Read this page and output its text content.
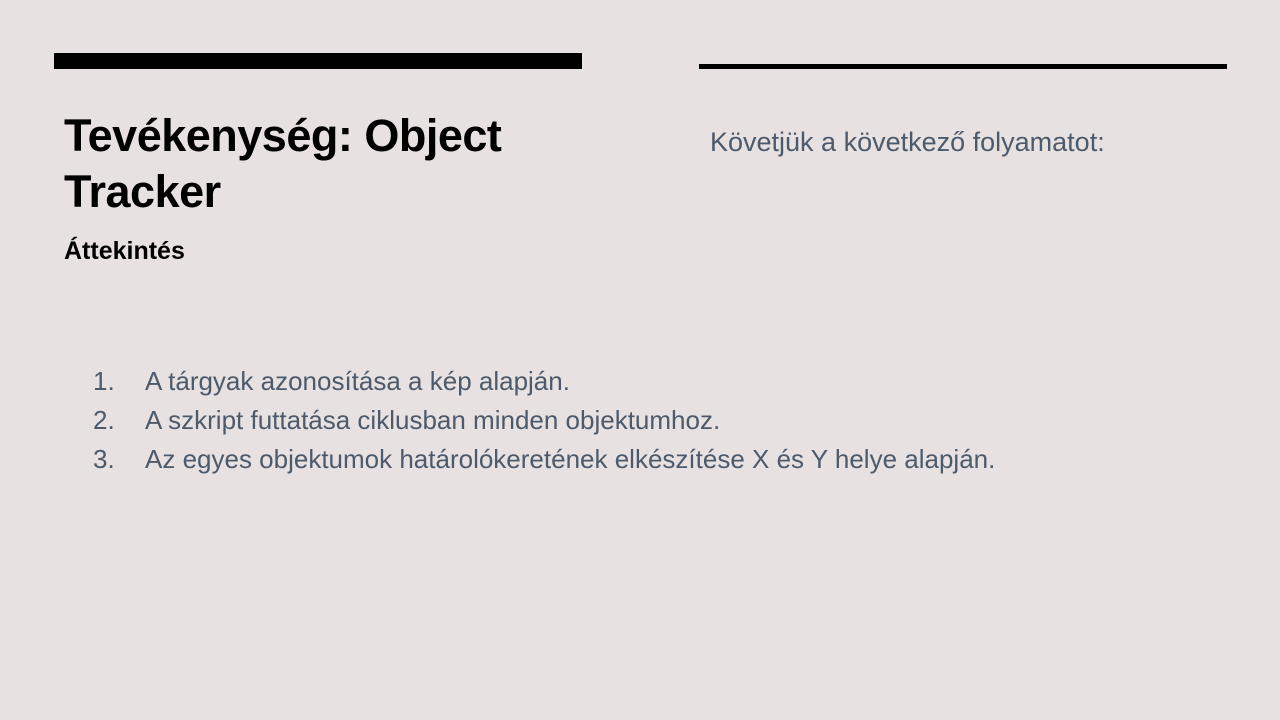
Tevékenység: Object Tracker
Áttekintés

Követjük a következő folyamatot:

1.	A tárgyak azonosítása a kép alapján.
2.	A szkript futtatása ciklusban minden objektumhoz.
3.	Az egyes objektumok határolókeretének elkészítése X és Y helye alapján.
